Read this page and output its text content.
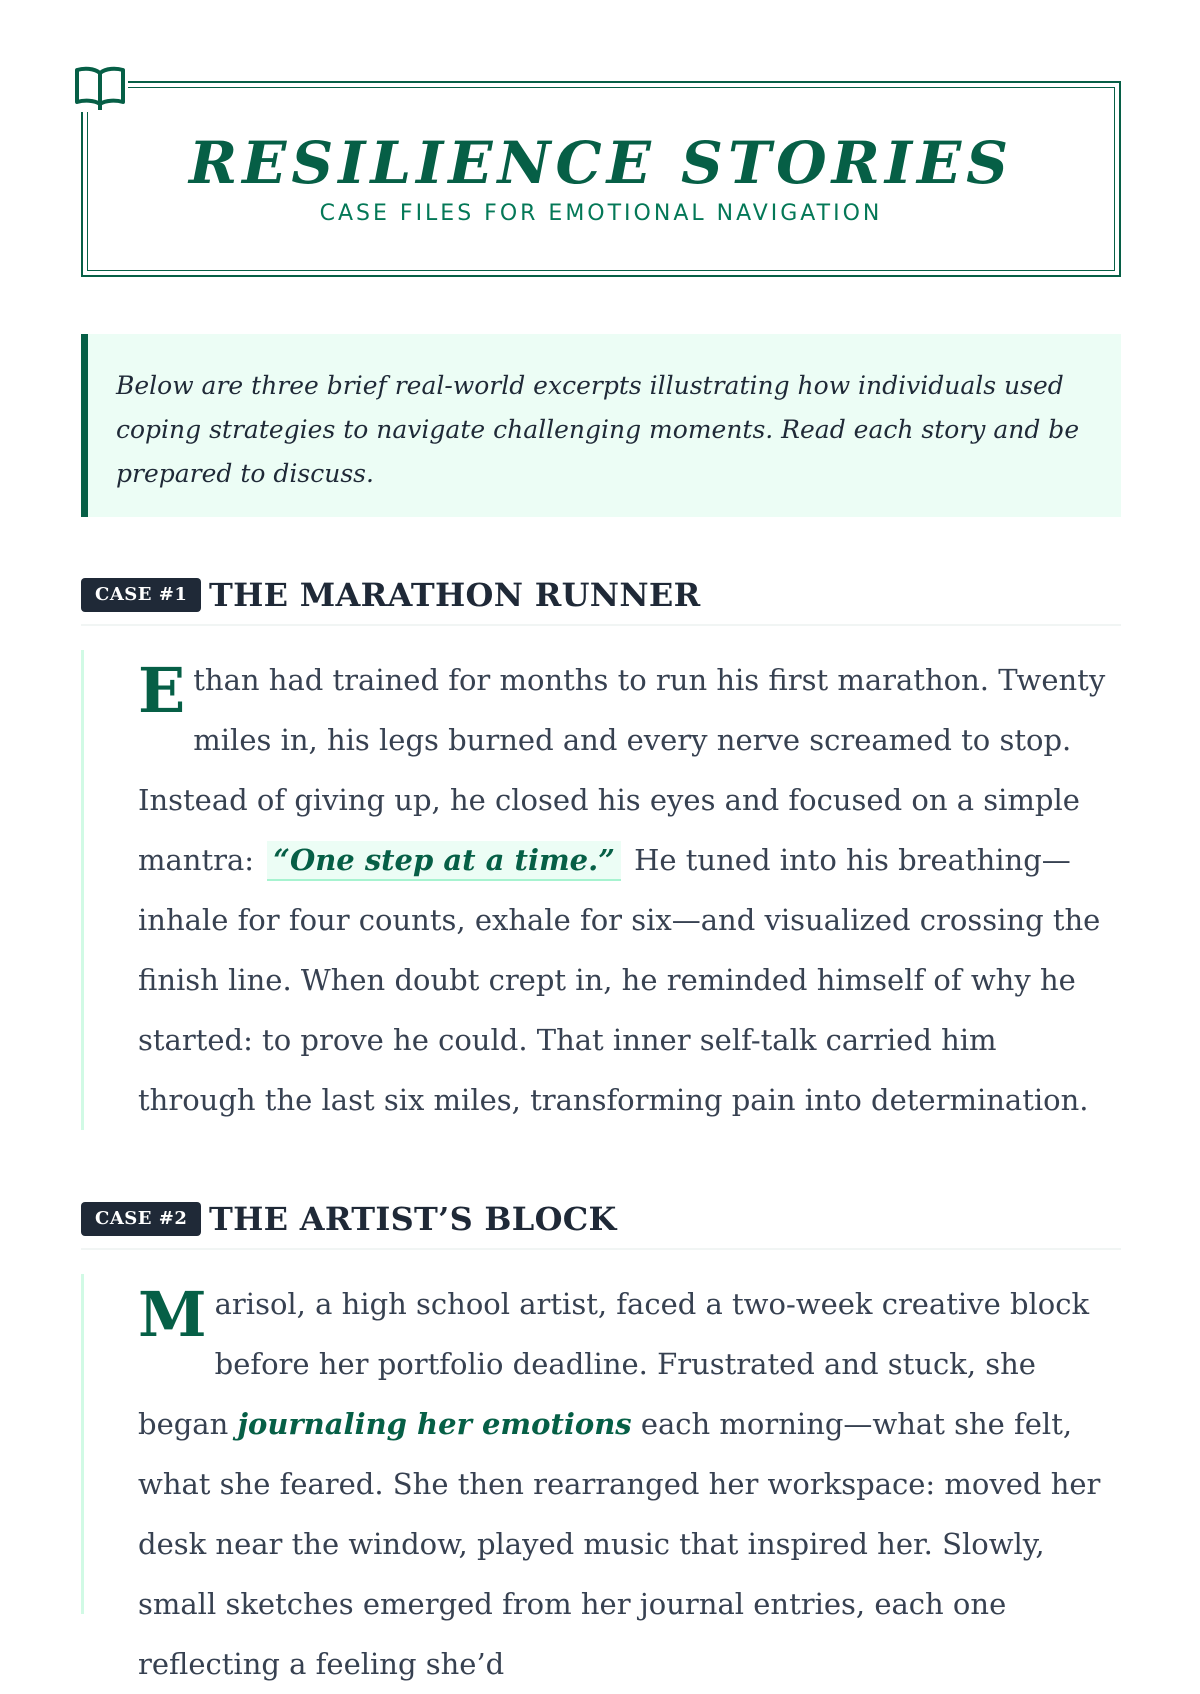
RESILIENCE STORIES
CASE FILES FOR EMOTIONAL NAVIGATION
Below are three brief real-world excerpts illustrating how individuals used coping strategies to navigate challenging moments. Read each story and be prepared to discuss.
CASE #1 THE MARATHON RUNNER
E than had trained for months to run his first marathon. Twenty miles in, his legs burned and every nerve screamed to stop. Instead of giving up, he closed his eyes and focused on a simple mantra: “One step at a time.” He tuned into his breathing—inhale for four counts, exhale for six—and visualized crossing the finish line. When doubt crept in, he reminded himself of why he started: to prove he could. That inner self-talk carried him through the last six miles, transforming pain into determination.
CASE #2 THE ARTIST’S BLOCK
M arisol, a high school artist, faced a two-week creative block before her portfolio deadline. Frustrated and stuck, she began journaling her emotions each morning—what she felt, what she feared. She then rearranged her workspace: moved her desk near the window, played music that inspired her. Slowly, small sketches emerged from her journal entries, each one reflecting a feeling she’d
